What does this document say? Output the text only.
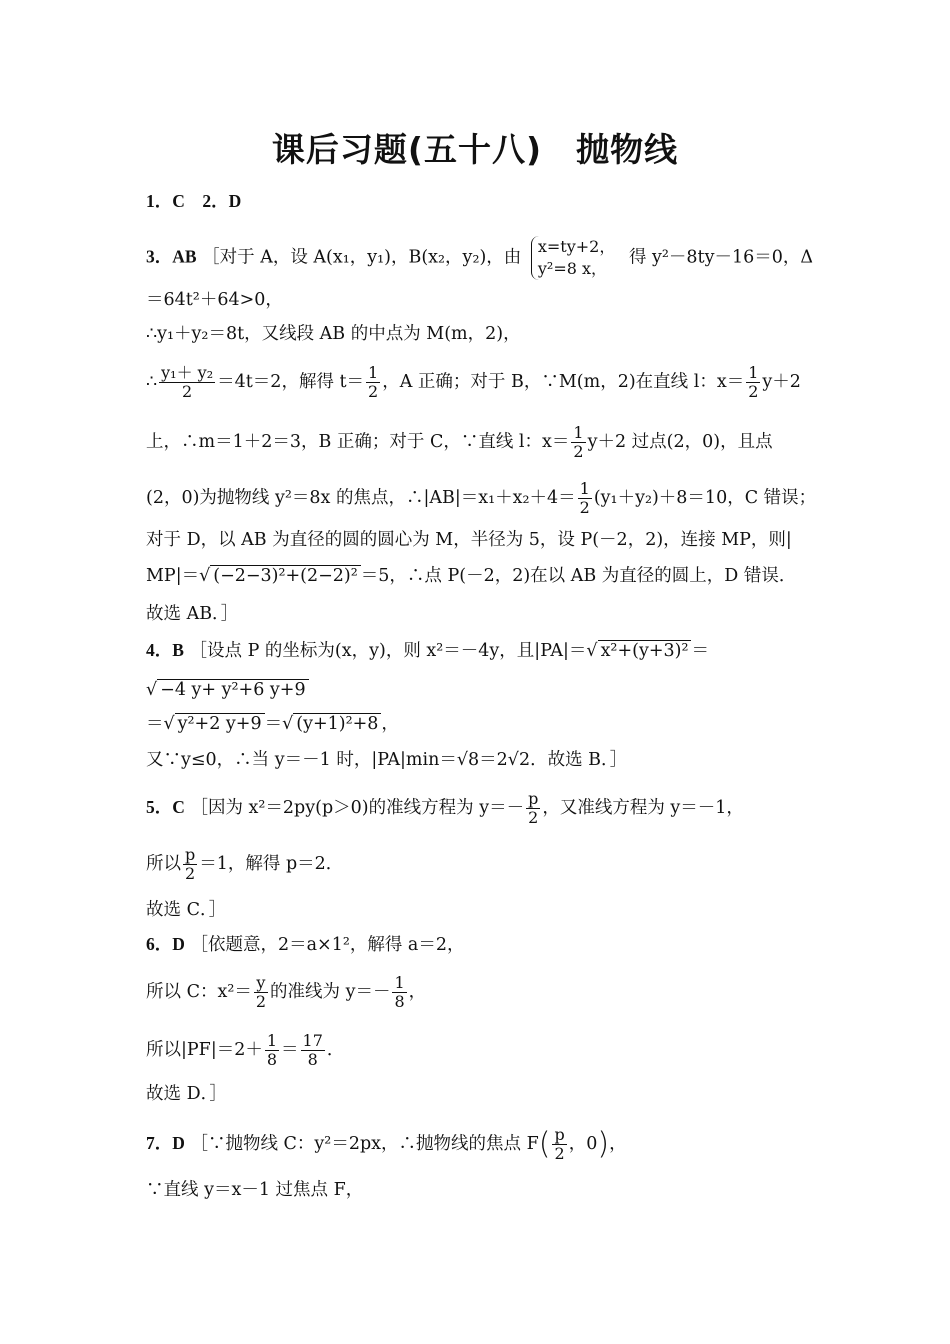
课后习题(五十八)　抛物线
1．C　2．D
3．AB ［对于 A，设 A(x₁，y₁)，B(x₂，y₂)，由
x=ty+2，
y²=8 x，
得 y²－8ty－16＝0，Δ
＝64t²＋64>0，
∴y₁＋y₂＝8t，又线段 AB 的中点为 M(m，2)，
∴ $\frac{\text{y₁＋ y₂}}{2} =4t=2$，解得 $t= \frac{1}{2}$ ，A 正确；对于 B，∵M(m，2)在直线 l：$x= \frac{1}{2} y+2$
上，∴m＝1＋2＝3，B 正确；对于 C，∵直线 l：$x= \frac{1}{2} y+2$ 过点(2，0)，且点
(2，0)为抛物线 y²＝8x 的焦点，∴|AB|＝x₁＋x₂＋4＝ $\frac{1}{2} (y_1+y_2)+8=10$，C 错误；
对于 D，以 AB 为直径的圆的圆心为 M，半径为 5，设 P(－2，2)，连接 MP，则|
MP|＝√ (−2−3)²+(2−2)² ＝5，∴点 P(－2，2)在以 AB 为直径的圆上，D 错误．
故选 AB．］
4．B ［设点 P 的坐标为(x，y)，则 x²＝－4y，且|PA|＝√ x²+(y+3)² ＝
√ −4 y+ y²+6 y+9
＝√ y²+2 y+9 ＝√ (y+1)²+8 ，
又∵y≤0，∴当 y＝－1 时，|PA|min＝√8＝2√2．故选 B．］
5．C ［因为 x²＝2py(p＞0)的准线方程为 $y=- \frac{p}{2}$ ，又准线方程为 y＝－1，
所以 $\frac{p}{2} =1$，解得 p＝2．
故选 C．］
6．D ［依题意，2＝a×1²，解得 a＝2，
所以 C：$x^2= \frac{y}{2}$ 的准线为 $y=- \frac{1}{8}$ ，
所以$|PF|=2+ \frac{1}{8} = \frac{17}{8}$ ．
故选 D．］
7．D ［∵抛物线 C：y²＝2px，∴抛物线的焦点 $F( \frac{p}{2}$ ，0)，
∵直线 y＝x－1 过焦点 F，
